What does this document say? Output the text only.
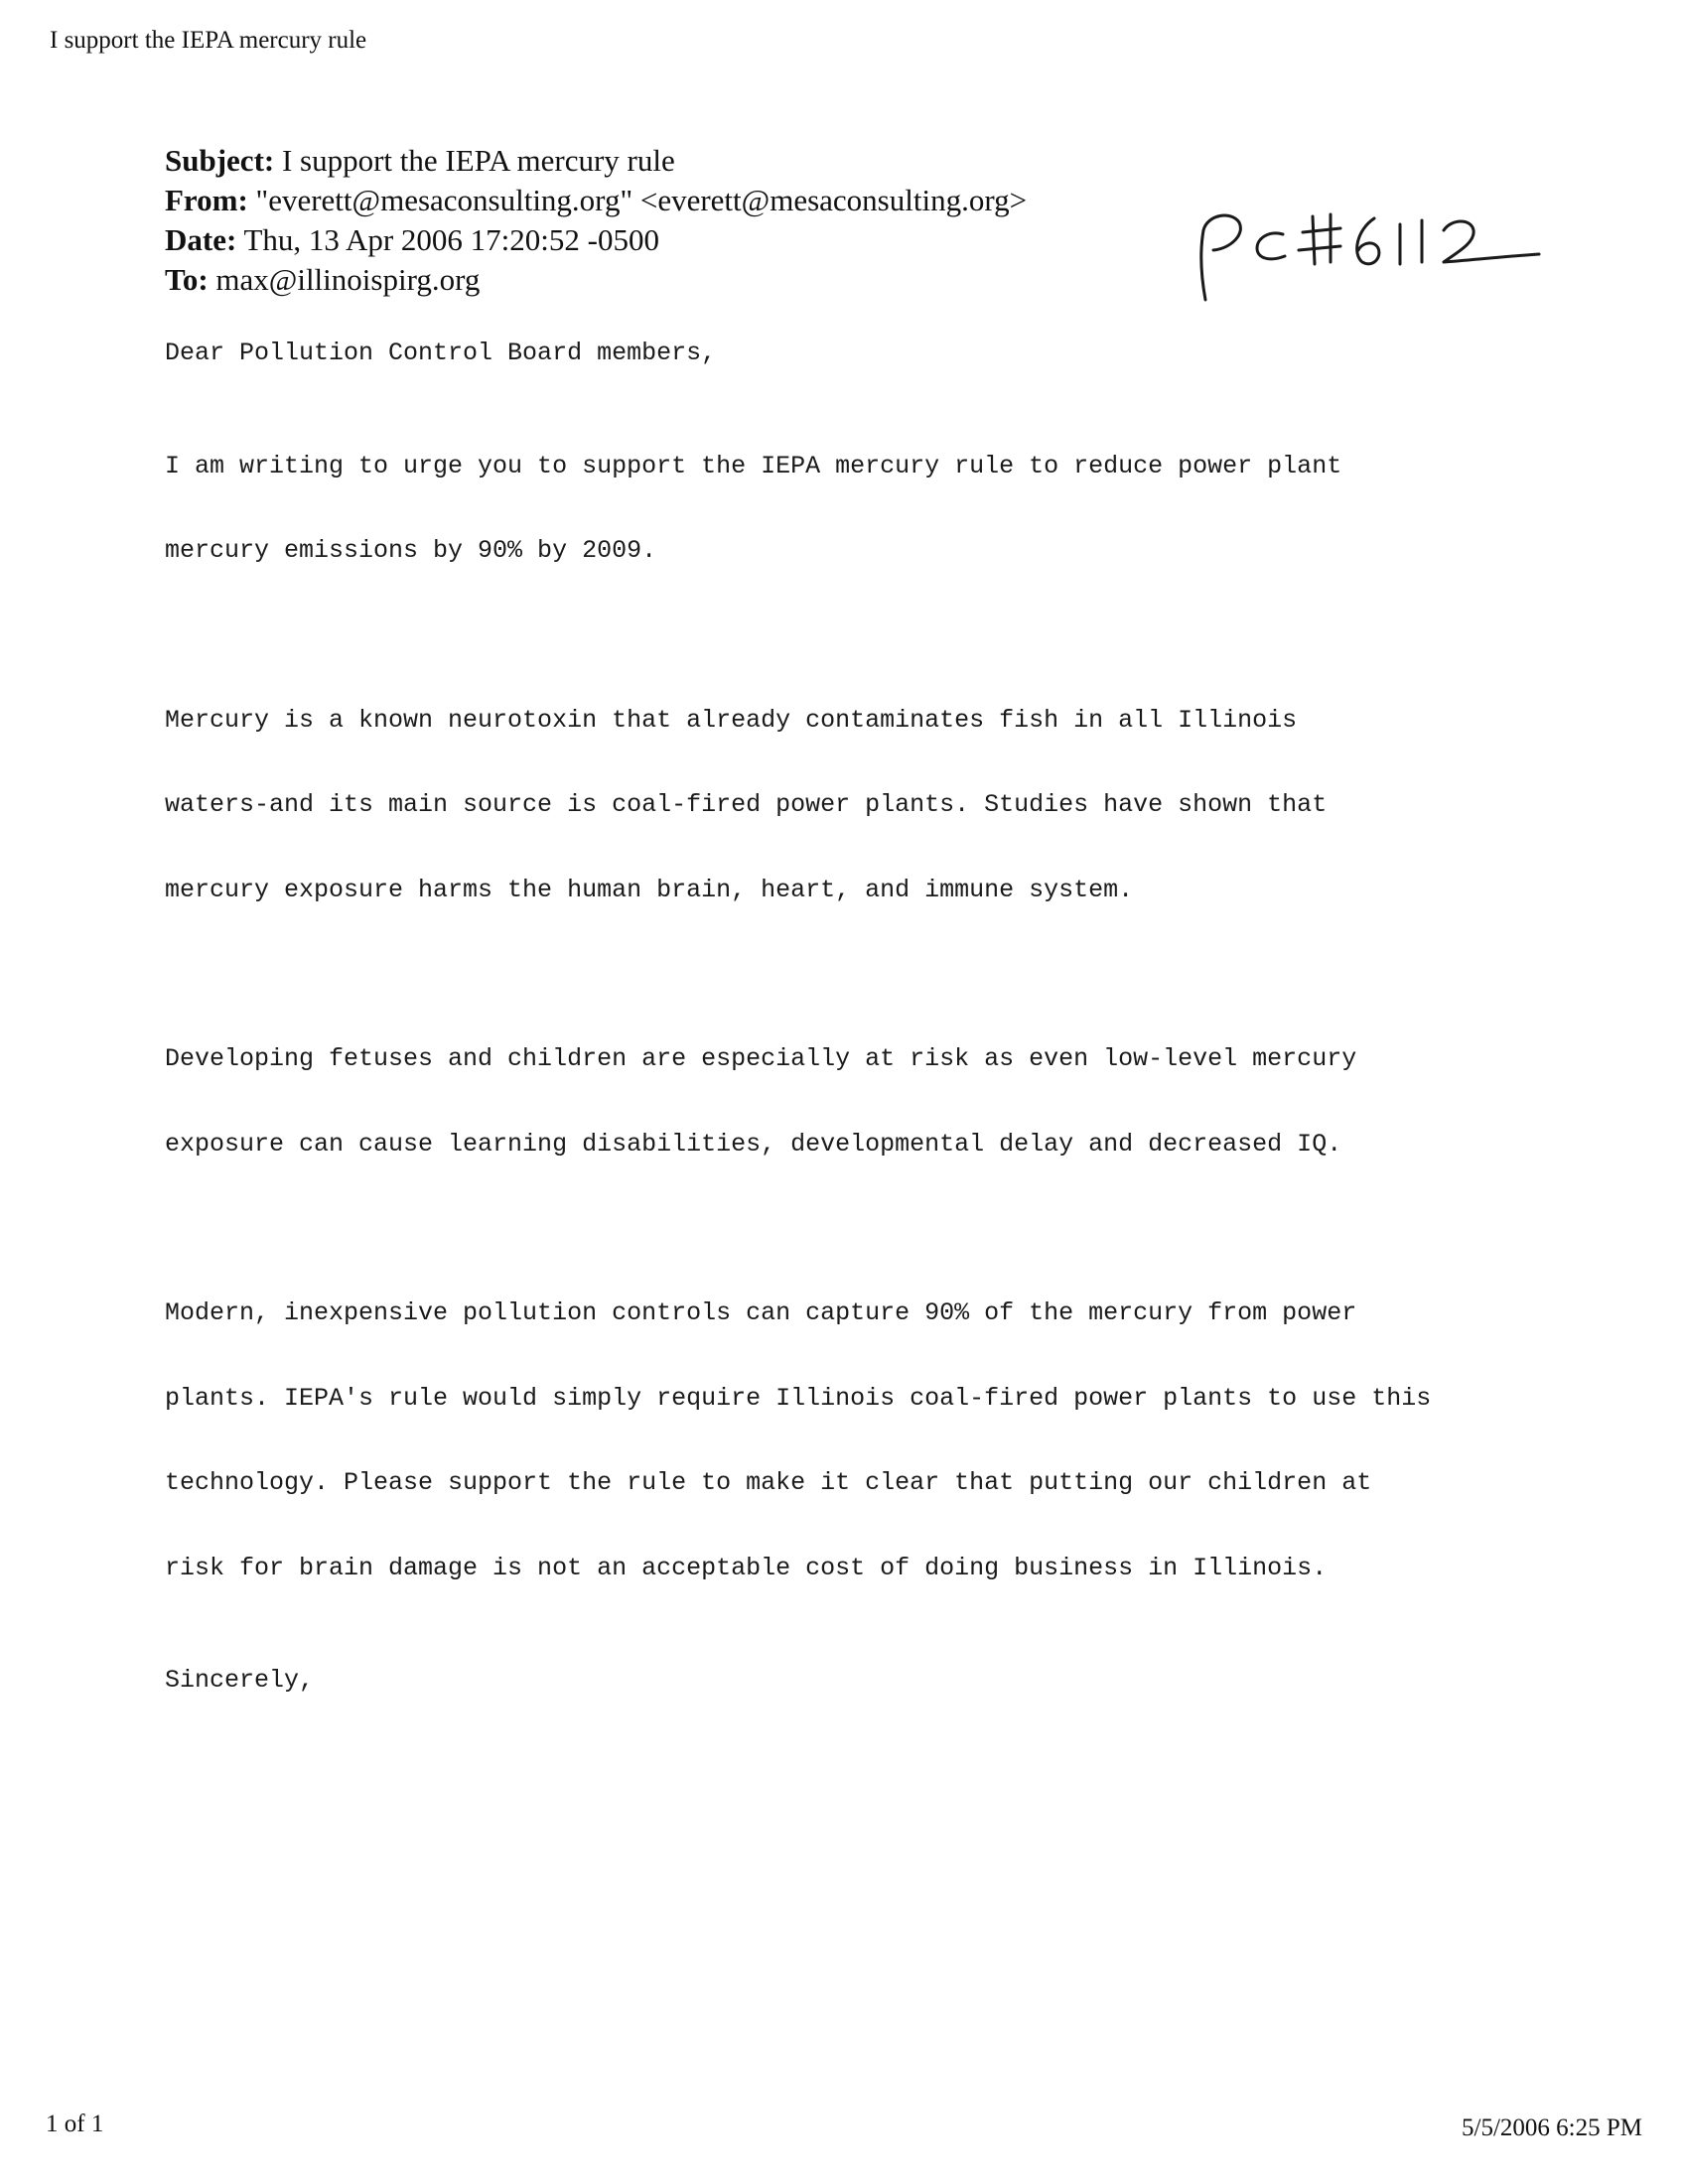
I support the IEPA mercury rule
Subject: I support the IEPA mercury rule
From: "everett@mesaconsulting.org" <everett@mesaconsulting.org>
Date: Thu, 13 Apr 2006 17:20:52 -0500
To: max@illinoispirg.org

Dear Pollution Control Board members,

I am writing to urge you to support the IEPA mercury rule to reduce power plant

mercury emissions by 90% by 2009.

Mercury is a known neurotoxin that already contaminates fish in all Illinois

waters-and its main source is coal-fired power plants. Studies have shown that

mercury exposure harms the human brain, heart, and immune system.

Developing fetuses and children are especially at risk as even low-level mercury

exposure can cause learning disabilities, developmental delay and decreased IQ.

Modern, inexpensive pollution controls can capture 90% of the mercury from power

plants. IEPA's rule would simply require Illinois coal-fired power plants to use this

technology. Please support the rule to make it clear that putting our children at

risk for brain damage is not an acceptable cost of doing business in Illinois.

Sincerely,

1 of 1	5/5/2006 6:25 PM
